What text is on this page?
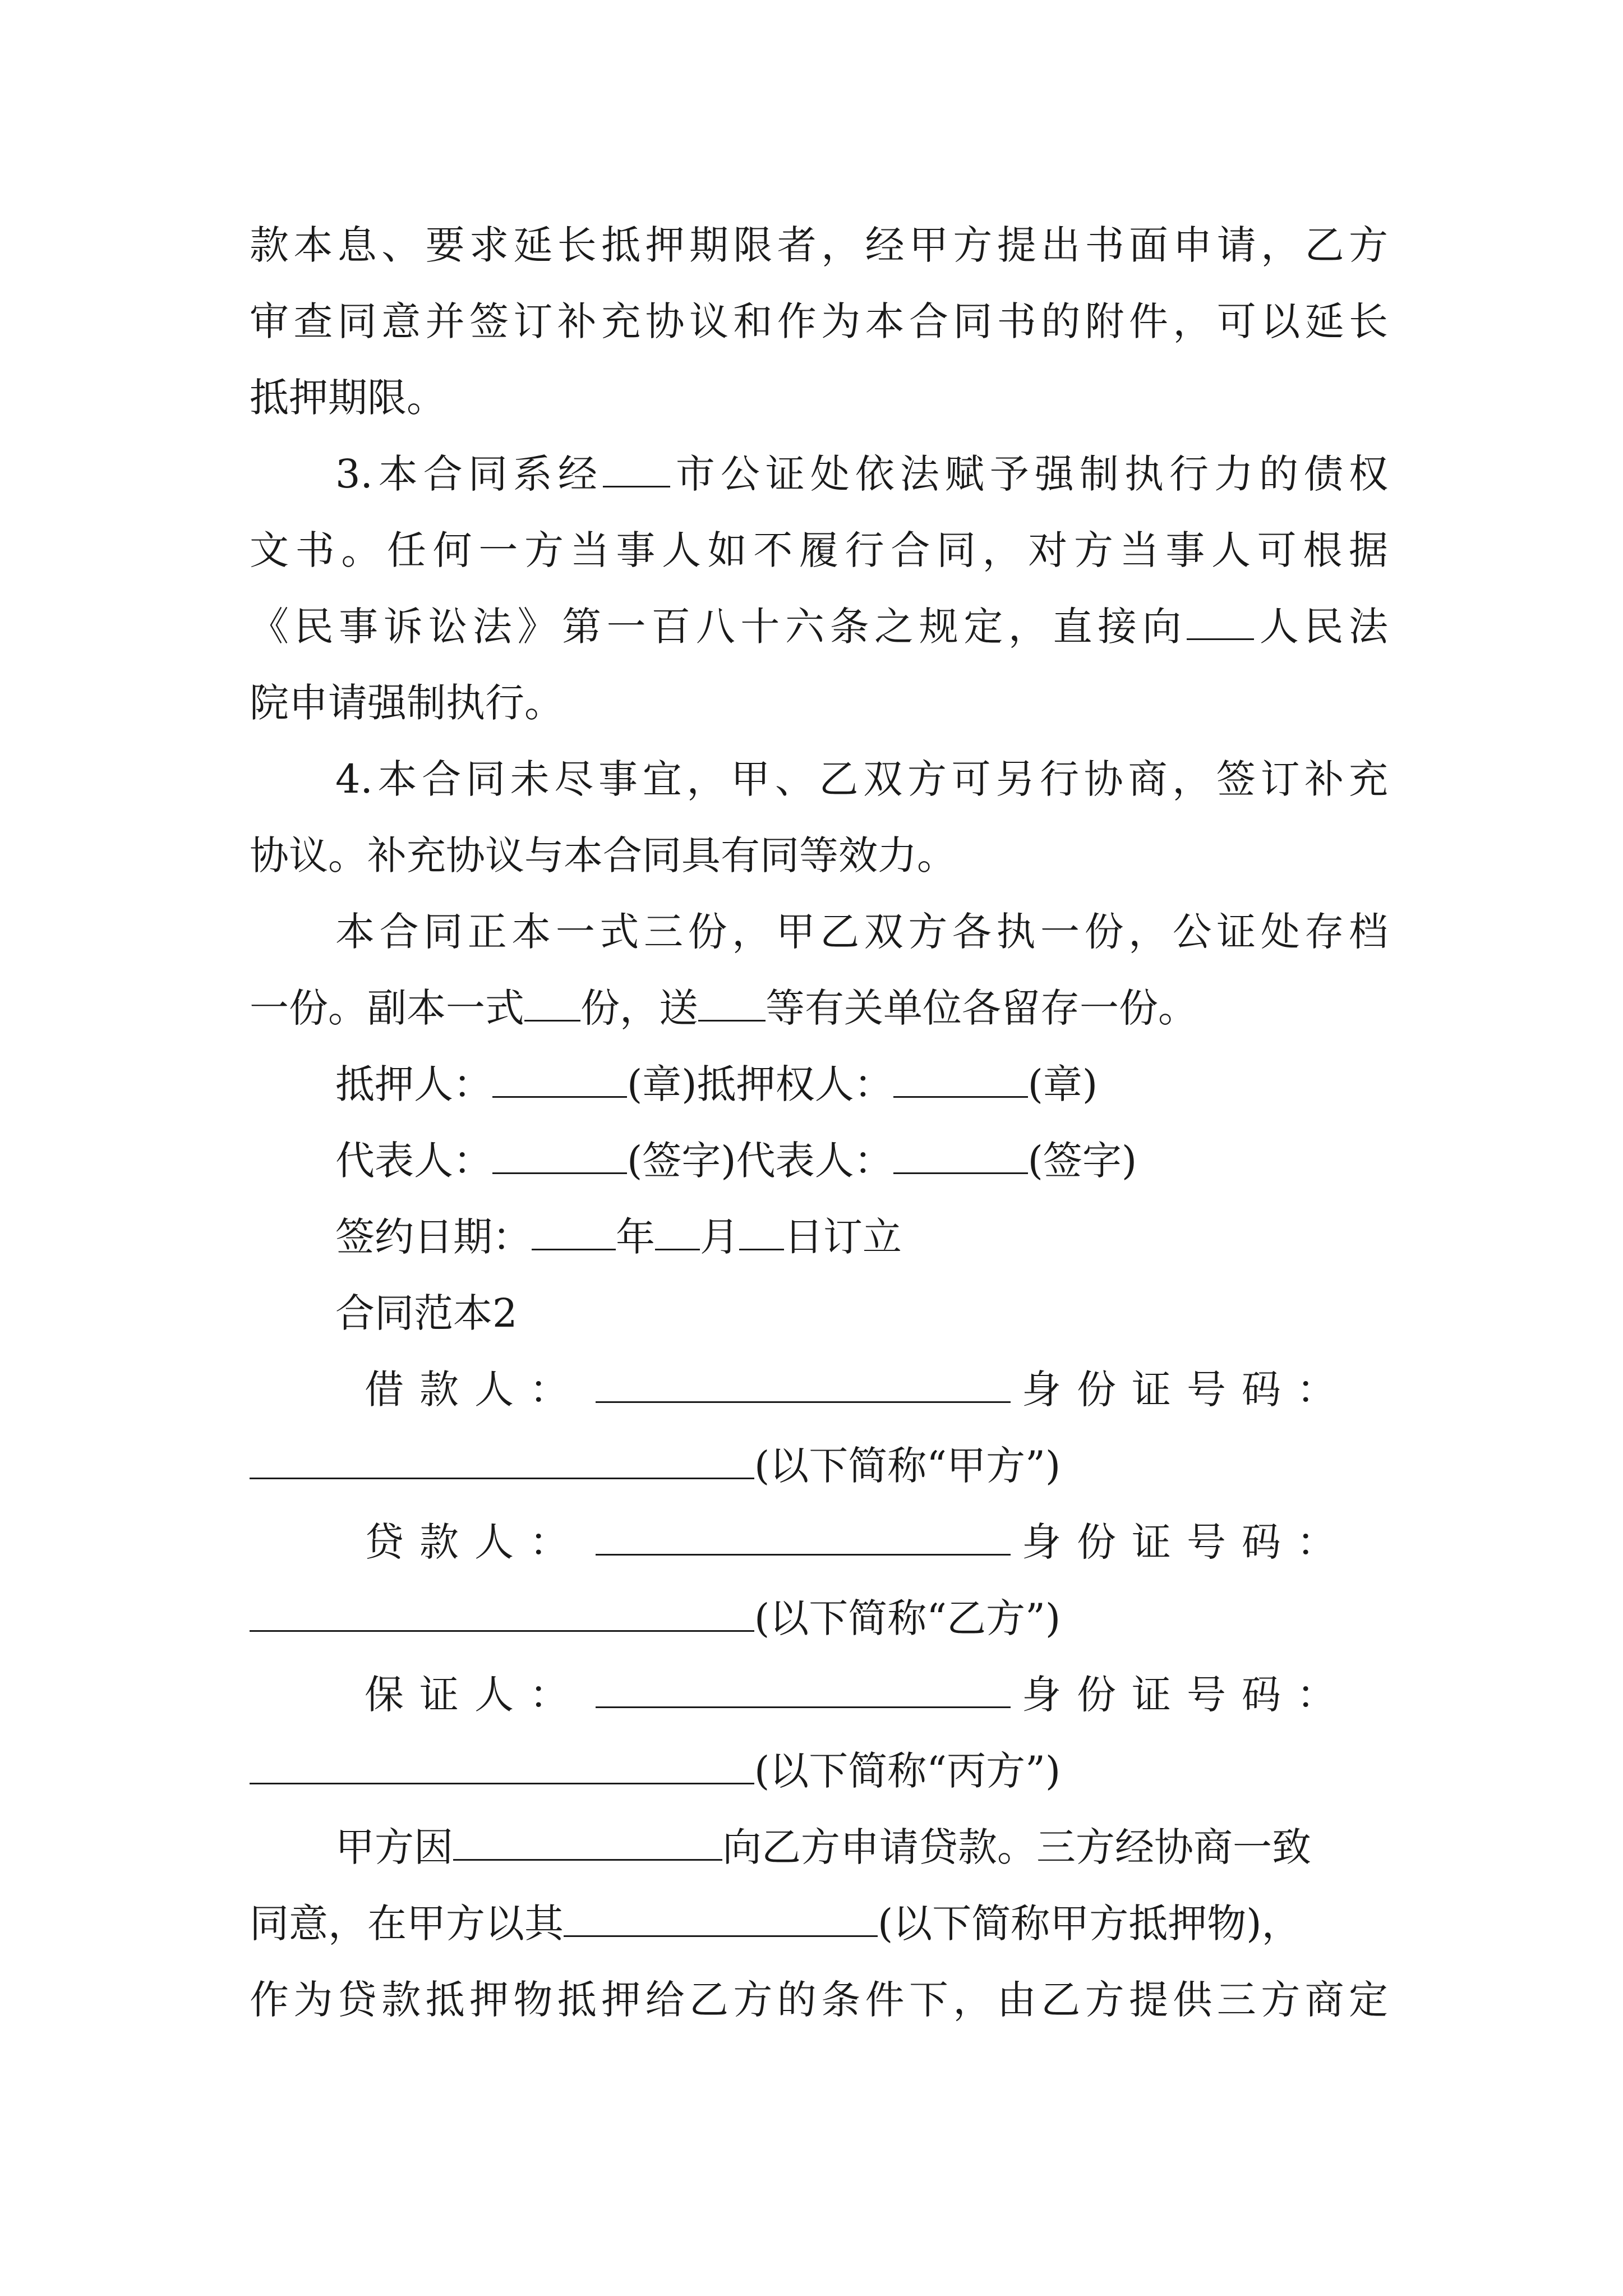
款本息、要求延长抵押期限者，经甲方提出书面申请，乙方
审查同意并签订补充协议和作为本合同书的附件，可以延长
抵押期限。
3.本合同系经 市公证处依法赋予强制执行力的债权
文书。任何一方当事人如不履行合同，对方当事人可根据
《民事诉讼法》第一百八十六条之规定，直接向 人民法
院申请强制执行。
4.本合同未尽事宜，甲、乙双方可另行协商，签订补充
协议。补充协议与本合同具有同等效力。
本合同正本一式三份，甲乙双方各执一份，公证处存档
一份。副本一式 份，送 等有关单位各留存一份。
抵押人：	(章)抵押权人：	(章)
代表人：	(签字)代表人：	(签字)
签约日期： 年 月 日订立
合同范本2
借款人：	身份证号码：
(以下简称“甲方”)
贷款人：	身份证号码：
(以下简称“乙方”)
保证人：	身份证号码：
(以下简称“丙方”)
甲方因	向乙方申请贷款。三方经协商一致
同意，在甲方以其	(以下简称甲方抵押物)，
作为贷款抵押物抵押给乙方的条件下，由乙方提供三方商定
